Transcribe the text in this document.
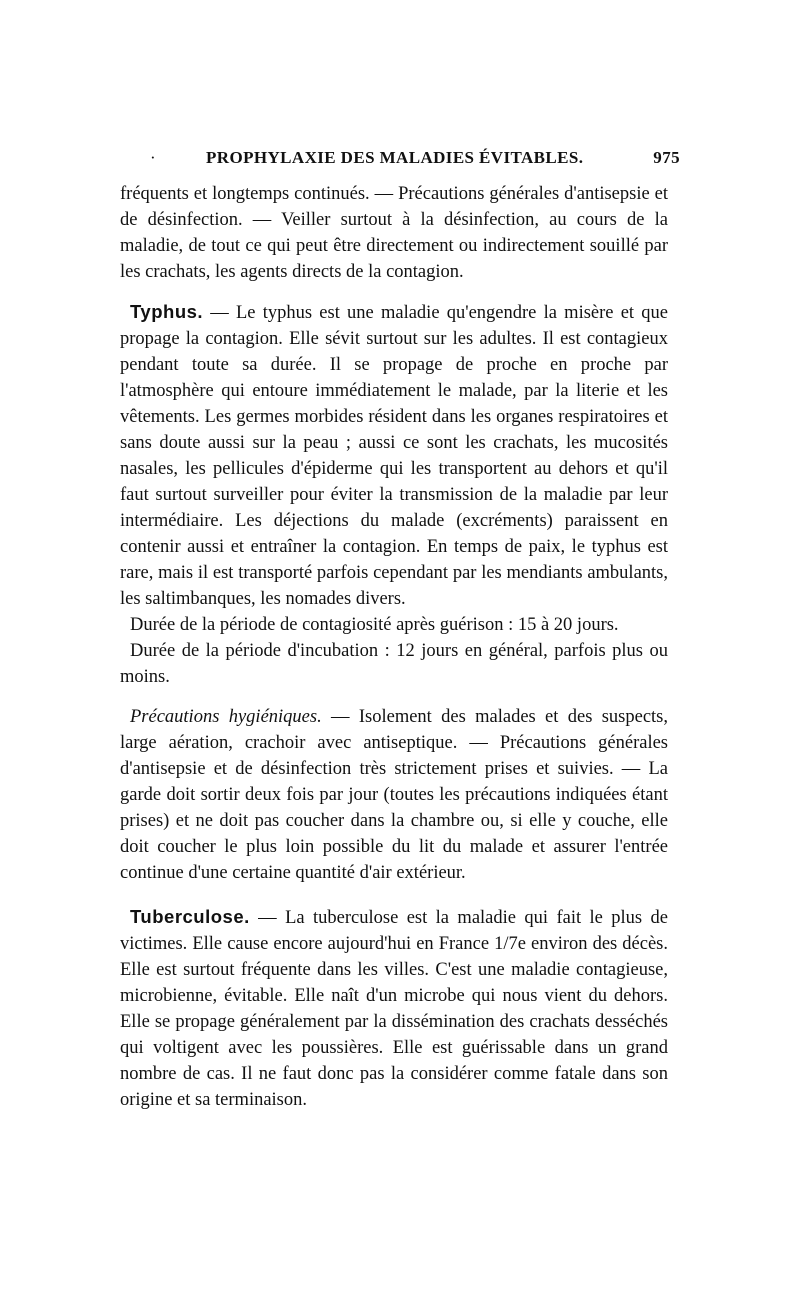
·	PROPHYLAXIE DES MALADIES ÉVITABLES.	975

fréquents et longtemps continués. — Précautions générales d'antisepsie et de désinfection. — Veiller surtout à la désinfection, au cours de la maladie, de tout ce qui peut être directement ou indirectement souillé par les crachats, les agents directs de la contagion.

Typhus. — Le typhus est une maladie qu'engendre la misère et que propage la contagion. Elle sévit surtout sur les adultes. Il est contagieux pendant toute sa durée. Il se propage de proche en proche par l'atmosphère qui entoure immédiatement le malade, par la literie et les vêtements. Les germes morbides résident dans les organes respiratoires et sans doute aussi sur la peau ; aussi ce sont les crachats, les mucosités nasales, les pellicules d'épiderme qui les transportent au dehors et qu'il faut surtout surveiller pour éviter la transmission de la maladie par leur intermédiaire. Les déjections du malade (excréments) paraissent en contenir aussi et entraîner la contagion. En temps de paix, le typhus est rare, mais il est transporté parfois cependant par les mendiants ambulants, les saltimbanques, les nomades divers.

Durée de la période de contagiosité après guérison : 15 à 20 jours.

Durée de la période d'incubation : 12 jours en général, parfois plus ou moins.

Précautions hygiéniques. — Isolement des malades et des suspects, large aération, crachoir avec antiseptique. — Précautions générales d'antisepsie et de désinfection très strictement prises et suivies. — La garde doit sortir deux fois par jour (toutes les précautions indiquées étant prises) et ne doit pas coucher dans la chambre ou, si elle y couche, elle doit coucher le plus loin possible du lit du malade et assurer l'entrée continue d'une certaine quantité d'air extérieur.

Tuberculose. — La tuberculose est la maladie qui fait le plus de victimes. Elle cause encore aujourd'hui en France 1/7e environ des décès. Elle est surtout fréquente dans les villes. C'est une maladie contagieuse, microbienne, évitable. Elle naît d'un microbe qui nous vient du dehors. Elle se propage généralement par la dissémination des crachats desséchés qui voltigent avec les poussières. Elle est guérissable dans un grand nombre de cas. Il ne faut donc pas la considérer comme fatale dans son origine et sa terminaison.
